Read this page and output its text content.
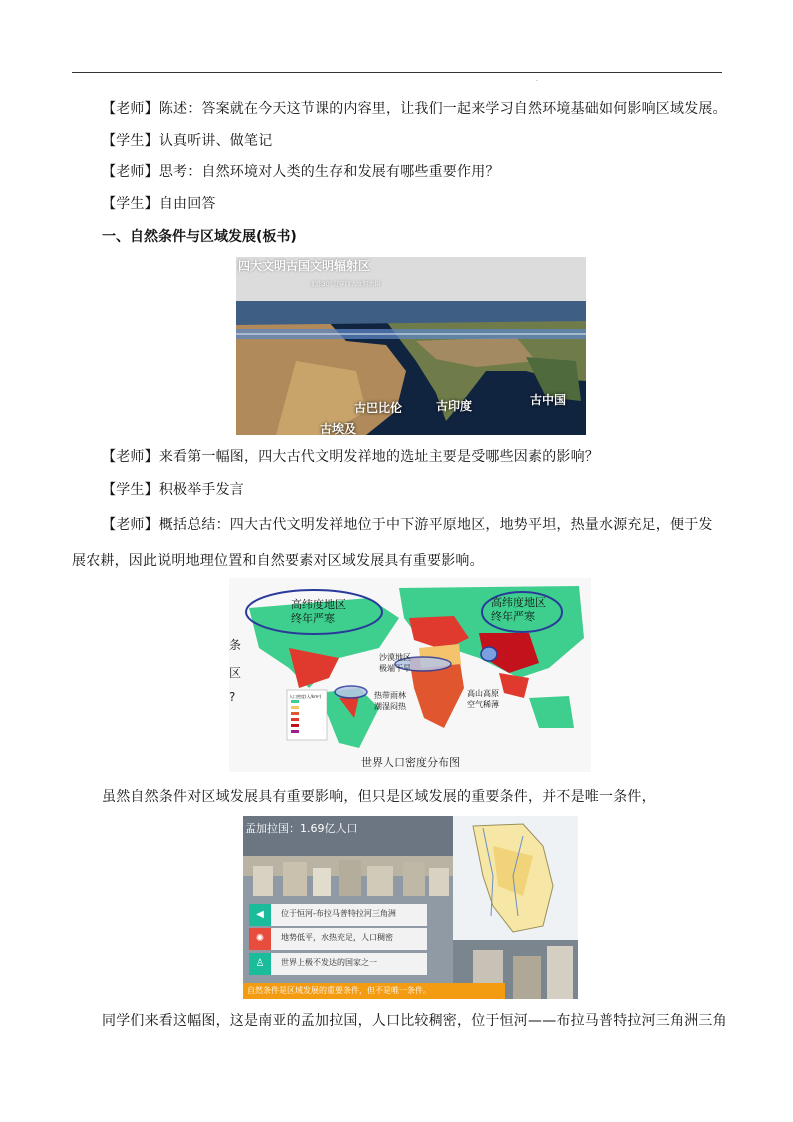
.
【老师】陈述：答案就在今天这节课的内容里，让我们一起来学习自然环境基础如何影响区域发展。
【学生】认真听讲、做笔记
【老师】思考：自然环境对人类的生存和发展有哪些重要作用？
【学生】自由回答
一、自然条件与区域发展(板书)
四大文明古国文明辐射区
北纬30°贯穿四大文明古国
古巴比伦	古印度	古中国
古埃及
【老师】来看第一幅图，四大古代文明发祥地的选址主要是受哪些因素的影响？
【学生】积极举手发言
【老师】概括总结：四大古代文明发祥地位于中下游平原地区，地势平坦，热量水源充足，便于发展农耕，因此说明地理位置和自然要素对区域发展具有重要影响。
高纬度地区
终年严寒
高纬度地区
终年严寒
沙漠地区
极端干旱
热带雨林
潮湿闷热
高山高原
空气稀薄
人口密度(人/km²)
条
区
?
世界人口密度分布图
虽然自然条件对区域发展具有重要影响，但只是区域发展的重要条件，并不是唯一条件，
孟加拉国：1.69亿人口
◀	位于恒河-布拉马普特拉河三角洲
✺	地势低平，水热充足，人口稠密
♙	世界上极不发达的国家之一
自然条件是区域发展的重要条件，但不是唯一条件。
同学们来看这幅图，这是南亚的孟加拉国，人口比较稠密，位于恒河——布拉马普特拉河三角洲三角
